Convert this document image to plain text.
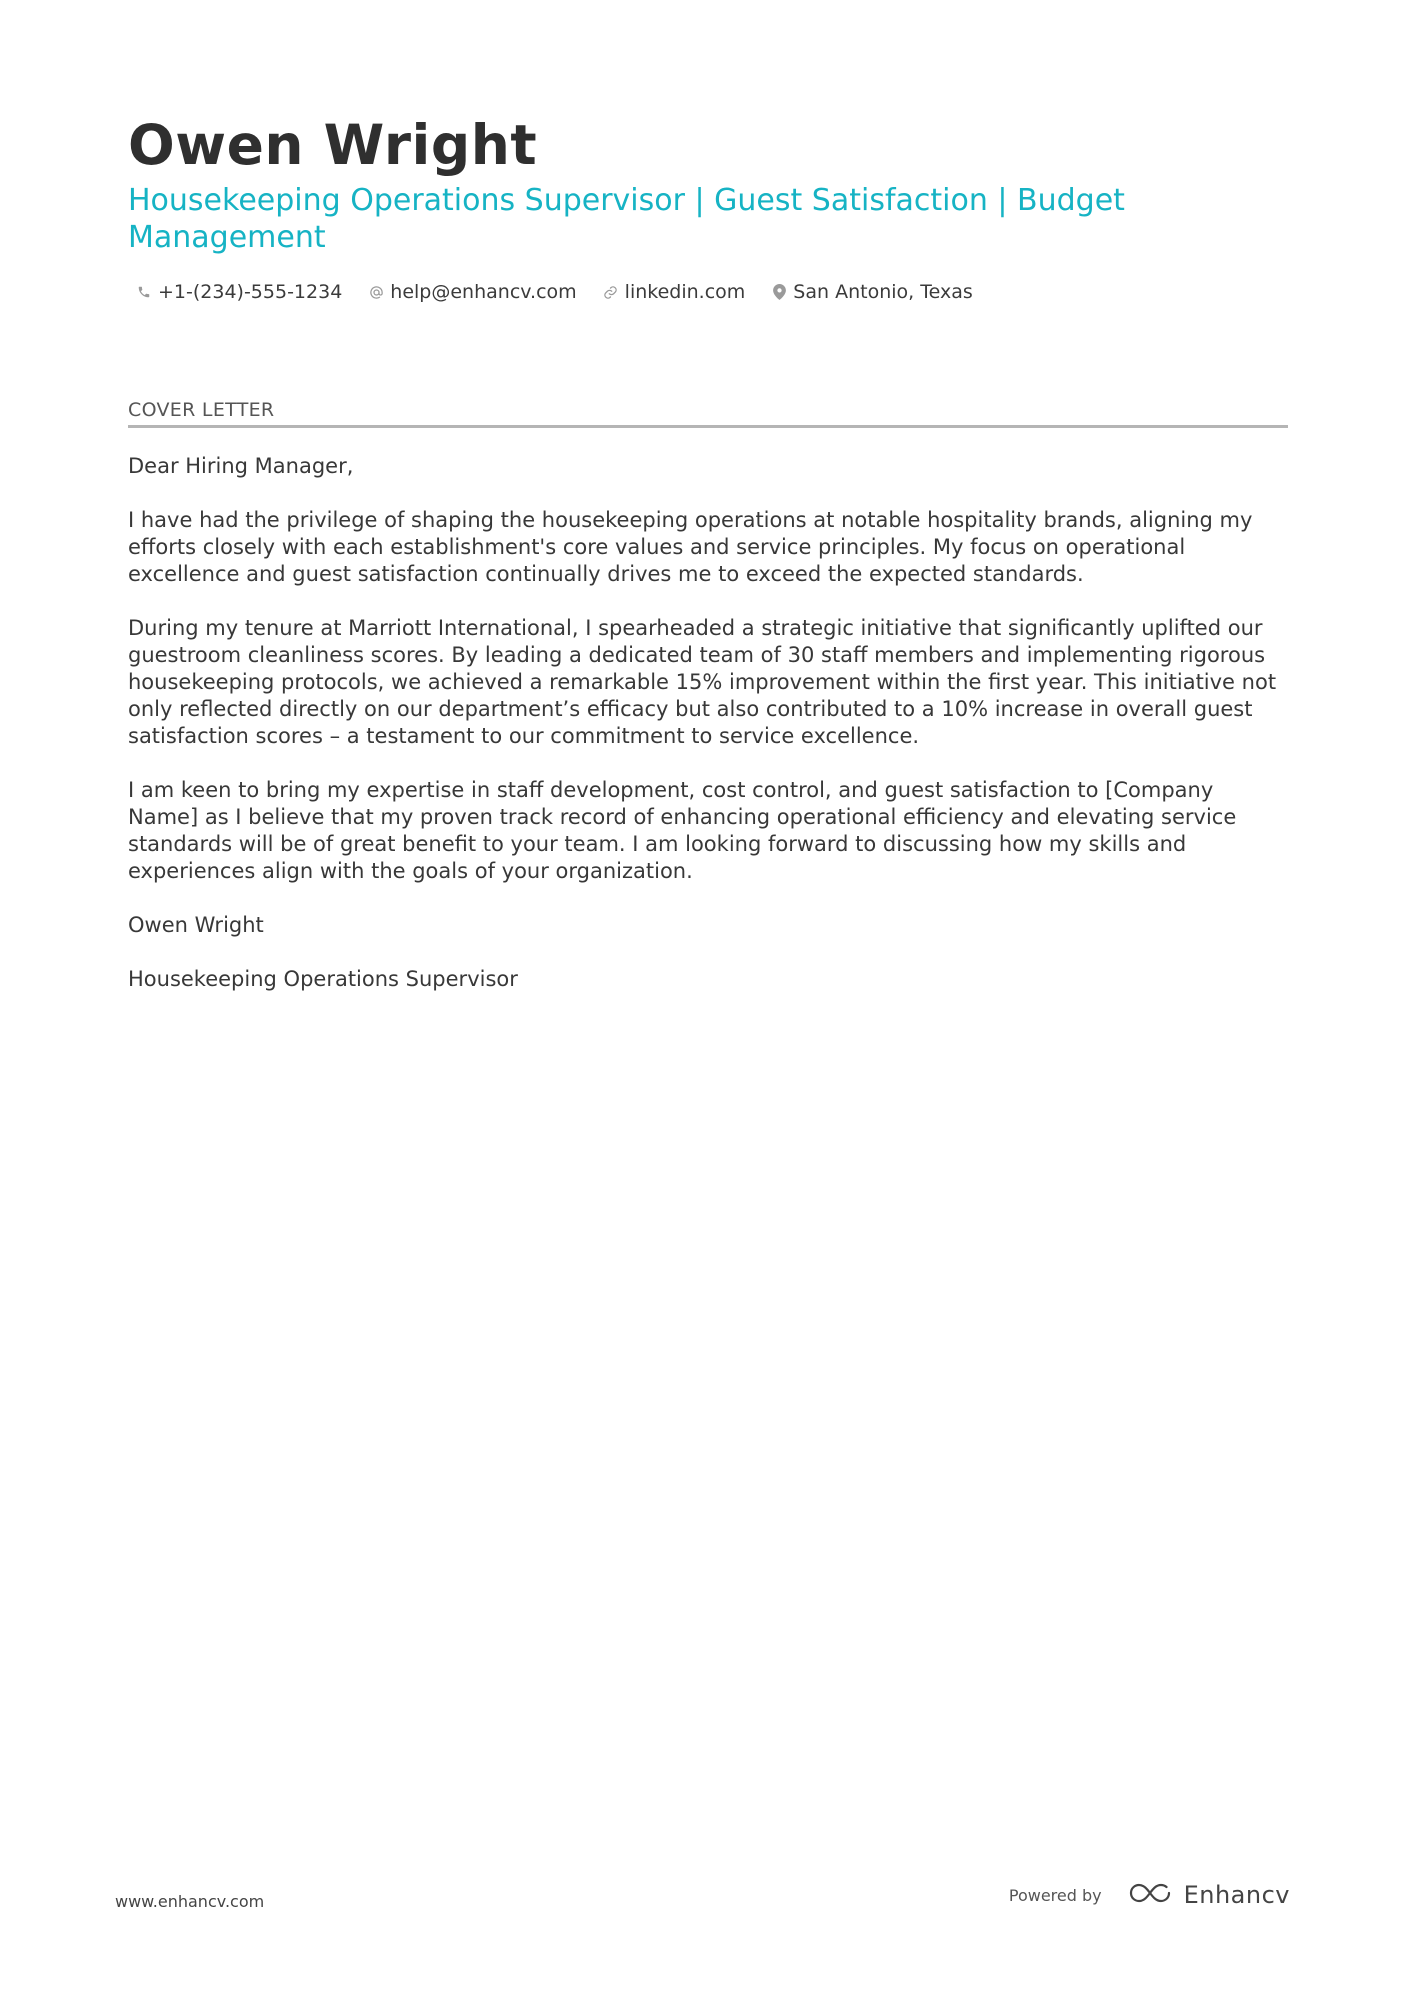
Owen Wright
Housekeeping Operations Supervisor | Guest Satisfaction | Budget Management
+1-(234)-555-1234	help@enhancv.com	linkedin.com	San Antonio, Texas
COVER LETTER

Dear Hiring Manager,

I have had the privilege of shaping the housekeeping operations at notable hospitality brands, aligning my efforts closely with each establishment's core values and service principles. My focus on operational excellence and guest satisfaction continually drives me to exceed the expected standards.

During my tenure at Marriott International, I spearheaded a strategic initiative that significantly uplifted our guestroom cleanliness scores. By leading a dedicated team of 30 staff members and implementing rigorous housekeeping protocols, we achieved a remarkable 15% improvement within the first year. This initiative not only reflected directly on our department’s efficacy but also contributed to a 10% increase in overall guest satisfaction scores – a testament to our commitment to service excellence.

I am keen to bring my expertise in staff development, cost control, and guest satisfaction to [Company Name] as I believe that my proven track record of enhancing operational efficiency and elevating service standards will be of great benefit to your team. I am looking forward to discussing how my skills and experiences align with the goals of your organization.

Owen Wright

Housekeeping Operations Supervisor

www.enhancv.com	Powered by	Enhancv
